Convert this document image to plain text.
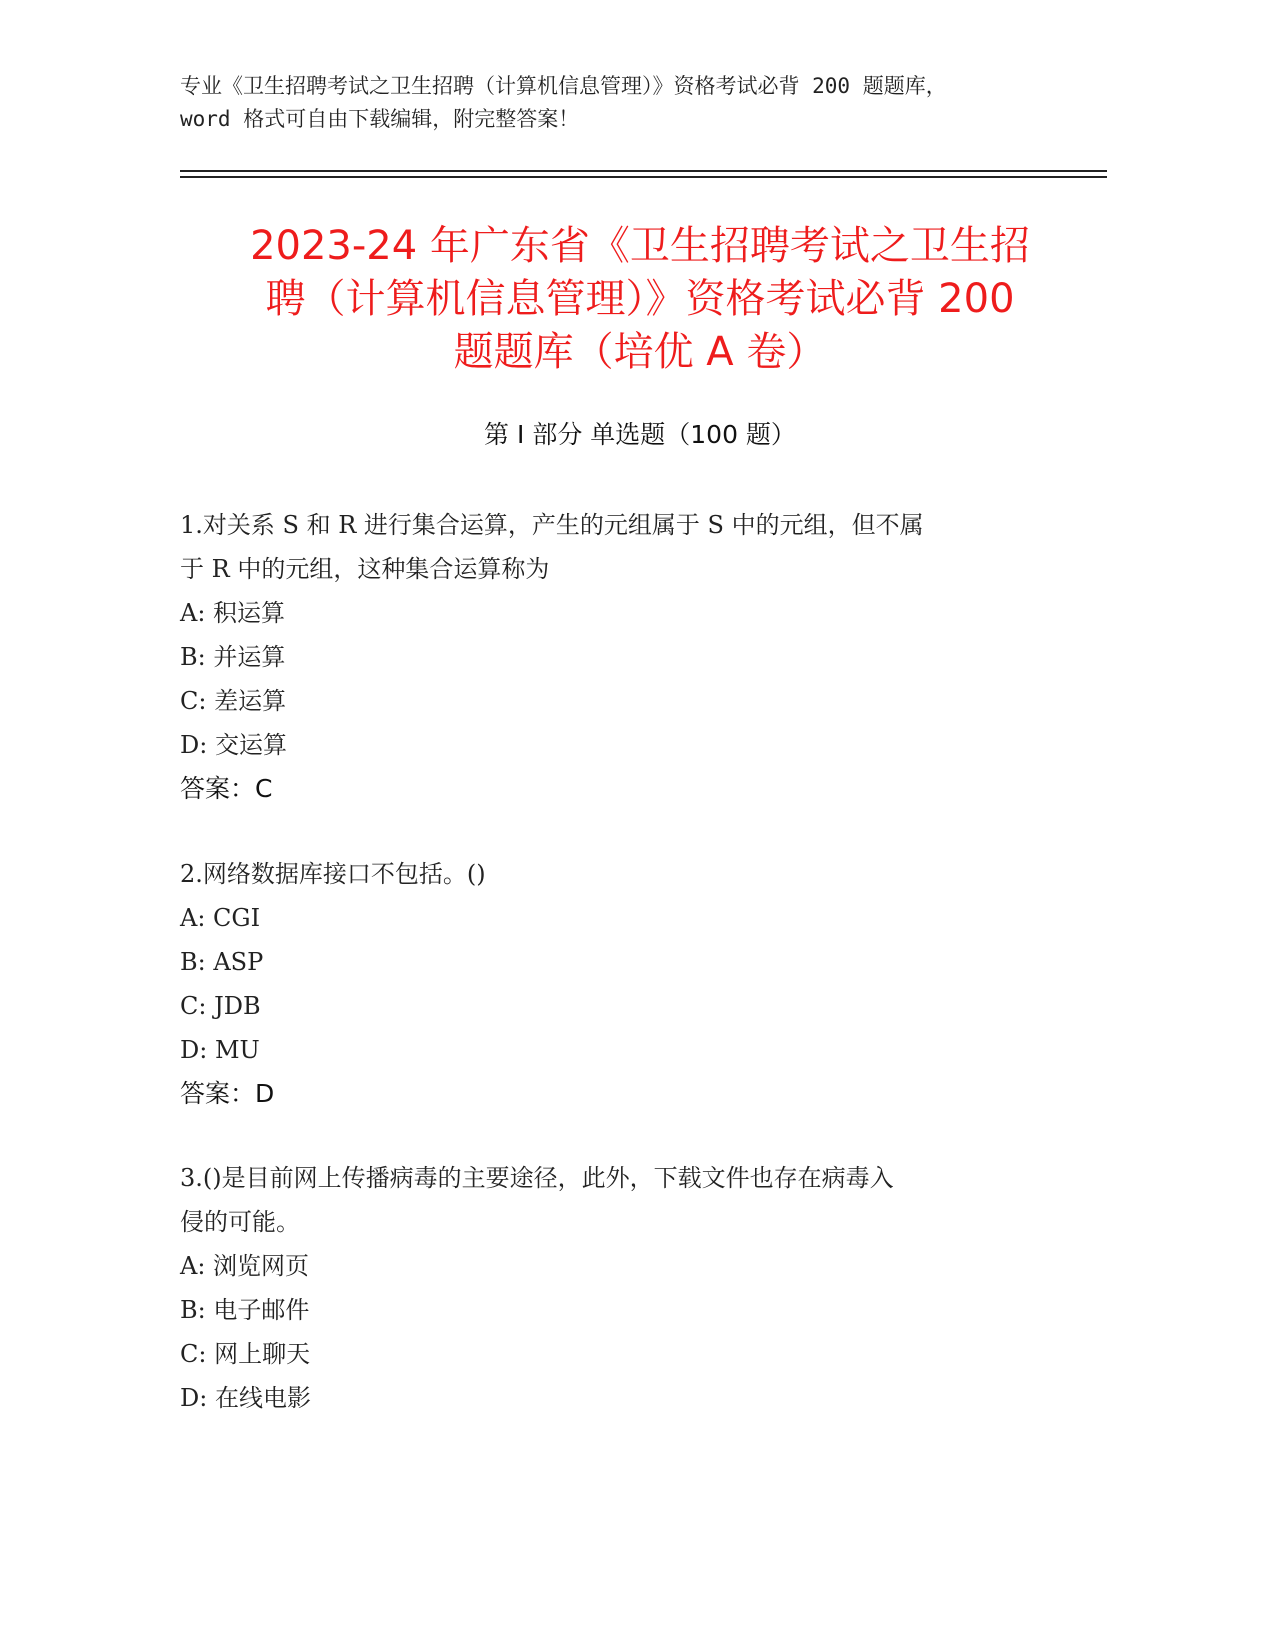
专业《卫生招聘考试之卫生招聘（计算机信息管理）》资格考试必背 200 题题库，
word 格式可自由下载编辑，附完整答案！
2023-24 年广东省《卫生招聘考试之卫生招
聘（计算机信息管理）》资格考试必背 200
题题库（培优 A 卷）
第 I 部分 单选题（100 题）
1.对关系 S 和 R 进行集合运算，产生的元组属于 S 中的元组，但不属
于 R 中的元组，这种集合运算称为
A: 积运算
B: 并运算
C: 差运算
D: 交运算
答案：C
2.网络数据库接口不包括。()
A: CGI
B: ASP
C: JDB
D: MU
答案：D
3.()是目前网上传播病毒的主要途径，此外，下载文件也存在病毒入
侵的可能。
A: 浏览网页
B: 电子邮件
C: 网上聊天
D: 在线电影
